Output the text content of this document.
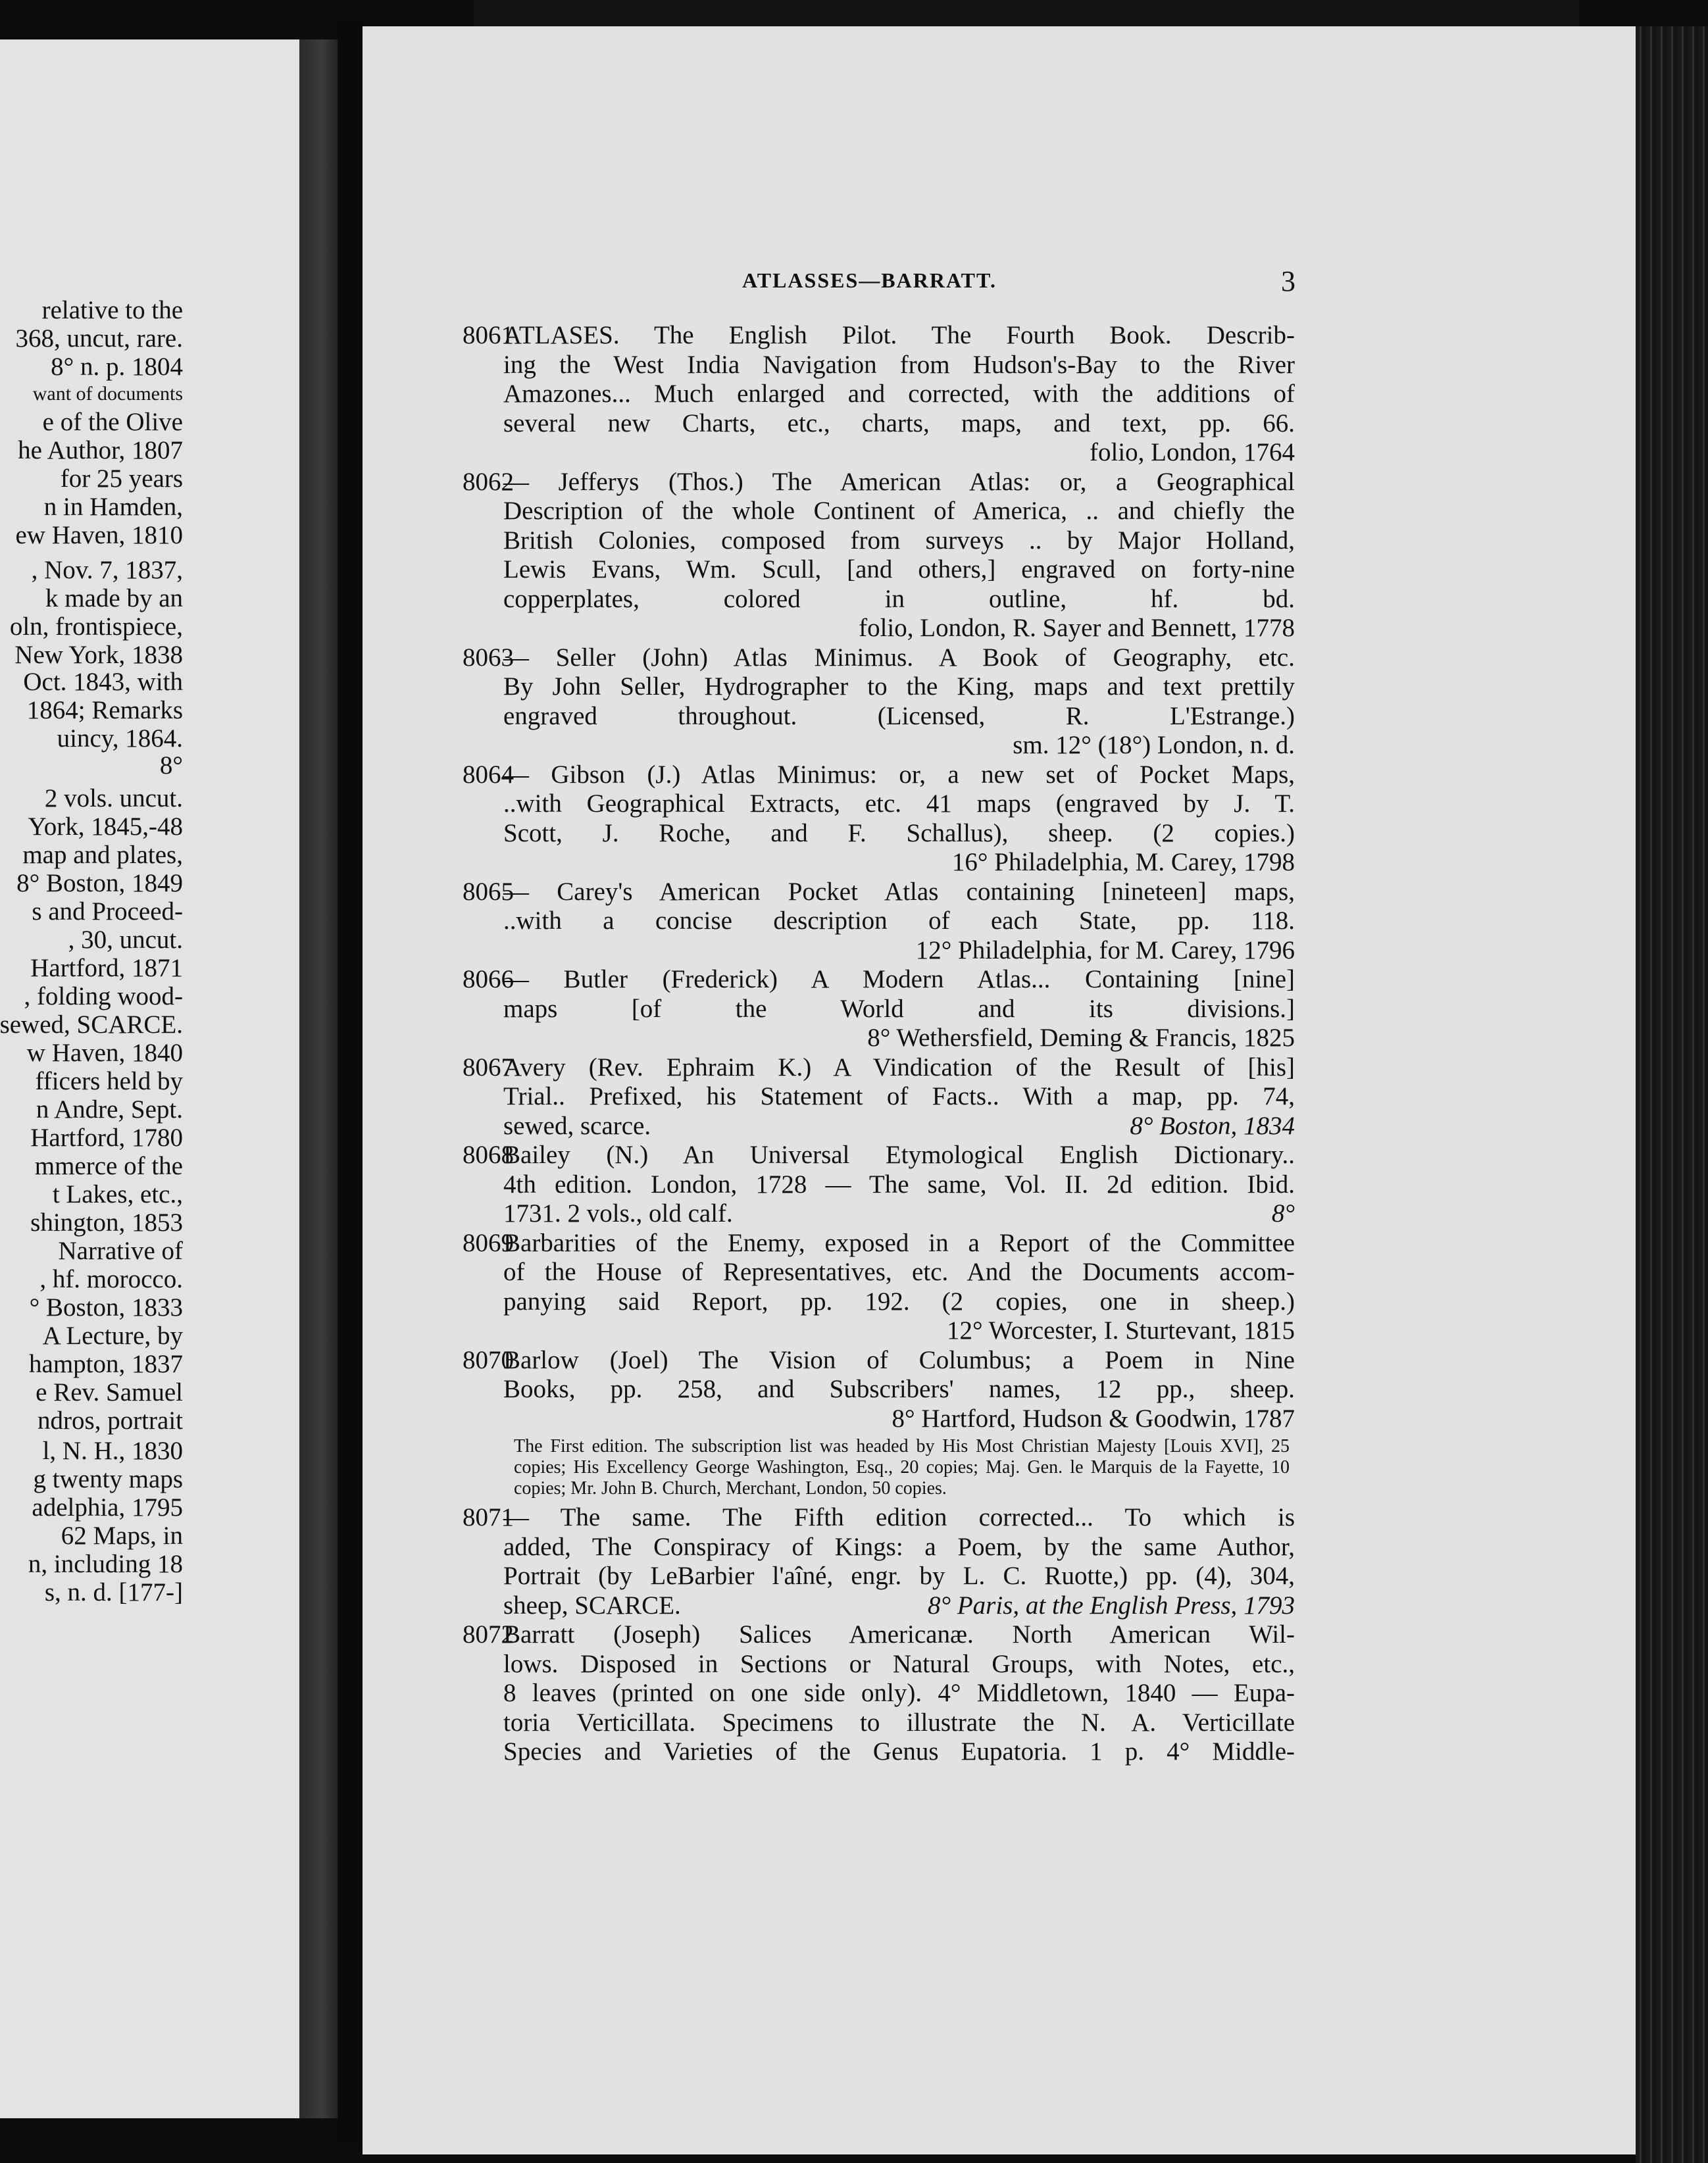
relative to the
368, uncut, rare.
8° n. p. 1804
want of documents
e of the Olive
he Author, 1807
for 25 years
n in Hamden,
ew Haven, 1810
, Nov. 7, 1837,
k made by an
oln, frontispiece,
New York, 1838
Oct. 1843, with
1864; Remarks
uincy, 1864.
8°
2 vols. uncut.
York, 1845,-48
map and plates,
8° Boston, 1849
s and Proceed-
, 30, uncut.
Hartford, 1871
, folding wood-
sewed, SCARCE.
w Haven, 1840
fficers held by
n Andre, Sept.
Hartford, 1780
mmerce of the
t Lakes, etc.,
shington, 1853
Narrative of
, hf. morocco.
° Boston, 1833
A Lecture, by
hampton, 1837
e Rev. Samuel
ndros, portrait
l, N. H., 1830
g twenty maps
adelphia, 1795
62 Maps, in
n, including 18
s, n. d. [177-]
ATLASSES—BARRATT.	3
8061
ATLASES. The English Pilot. The Fourth Book. Describ-
ing the West India Navigation from Hudson's-Bay to the River
Amazones... Much enlarged and corrected, with the additions of
several new Charts, etc., charts, maps, and text, pp. 66.
folio, London, 1764
8062
— Jefferys (Thos.) The American Atlas: or, a Geographical
Description of the whole Continent of America, .. and chiefly the
British Colonies, composed from surveys .. by Major Holland,
Lewis Evans, Wm. Scull, [and others,] engraved on forty-nine
copperplates, colored in outline, hf. bd.
folio, London, R. Sayer and Bennett, 1778
8063
— Seller (John) Atlas Minimus. A Book of Geography, etc.
By John Seller, Hydrographer to the King, maps and text prettily
engraved throughout. (Licensed, R. L'Estrange.)
sm. 12° (18°) London, n. d.
8064
— Gibson (J.) Atlas Minimus: or, a new set of Pocket Maps,
..with Geographical Extracts, etc. 41 maps (engraved by J. T.
Scott, J. Roche, and F. Schallus), sheep. (2 copies.)
16° Philadelphia, M. Carey, 1798
8065
— Carey's American Pocket Atlas containing [nineteen] maps,
..with a concise description of each State, pp. 118.
12° Philadelphia, for M. Carey, 1796
8066
— Butler (Frederick) A Modern Atlas... Containing [nine]
maps [of the World and its divisions.]
8° Wethersfield, Deming & Francis, 1825
8067
Avery (Rev. Ephraim K.) A Vindication of the Result of [his]
Trial.. Prefixed, his Statement of Facts.. With a map, pp. 74,
sewed, scarce.	8° Boston, 1834
8068
Bailey (N.) An Universal Etymological English Dictionary..
4th edition. London, 1728 — The same, Vol. II. 2d edition. Ibid.
1731. 2 vols., old calf.	8°
8069
Barbarities of the Enemy, exposed in a Report of the Committee
of the House of Representatives, etc. And the Documents accom-
panying said Report, pp. 192. (2 copies, one in sheep.)
12° Worcester, I. Sturtevant, 1815
8070
Barlow (Joel) The Vision of Columbus; a Poem in Nine
Books, pp. 258, and Subscribers' names, 12 pp., sheep.
8° Hartford, Hudson & Goodwin, 1787
The First edition. The subscription list was headed by His Most Christian Majesty [Louis XVI], 25 copies; His Excellency George Washington, Esq., 20 copies; Maj. Gen. le Marquis de la Fayette, 10 copies; Mr. John B. Church, Merchant, London, 50 copies.
8071
— The same. The Fifth edition corrected... To which is
added, The Conspiracy of Kings: a Poem, by the same Author,
Portrait (by LeBarbier l'aîné, engr. by L. C. Ruotte,) pp. (4), 304,
sheep, SCARCE.	8° Paris, at the English Press, 1793
8072
Barratt (Joseph) Salices Americanæ. North American Wil-
lows. Disposed in Sections or Natural Groups, with Notes, etc.,
8 leaves (printed on one side only). 4° Middletown, 1840 — Eupa-
toria Verticillata. Specimens to illustrate the N. A. Verticillate
Species and Varieties of the Genus Eupatoria. 1 p. 4° Middle-
